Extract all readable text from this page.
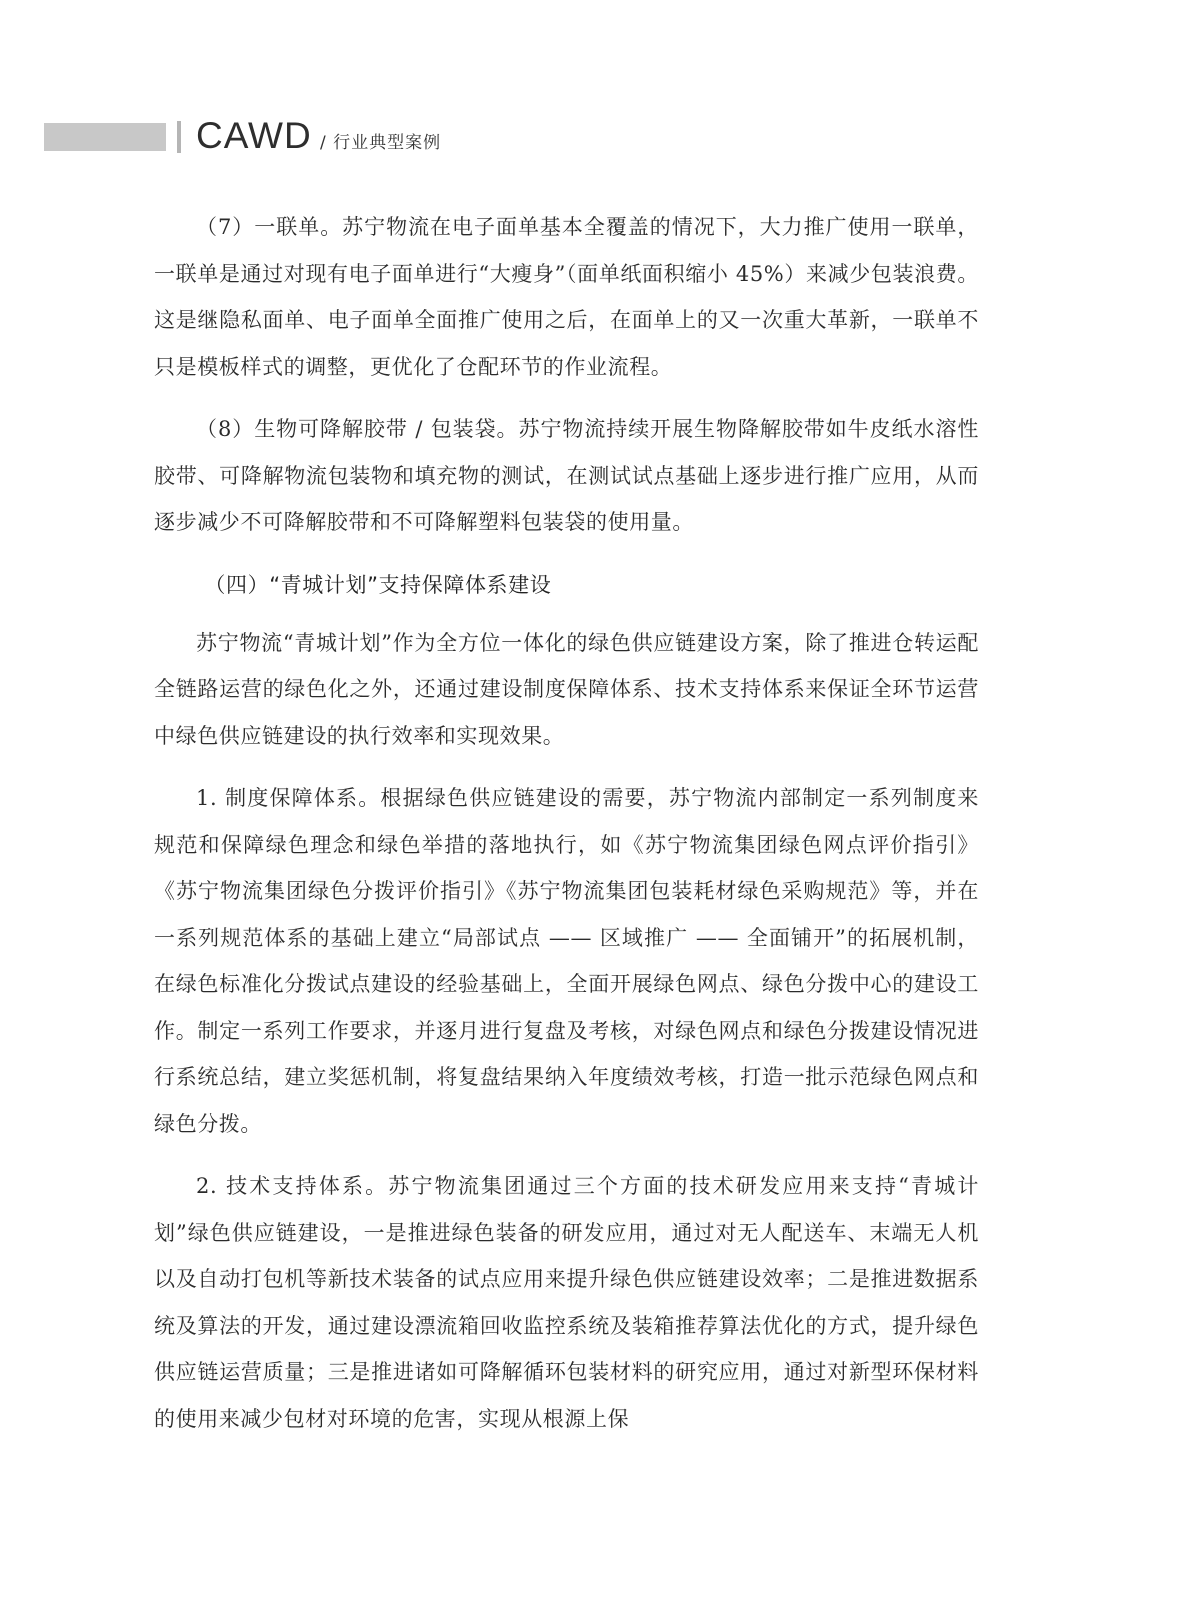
CAWD / 行业典型案例

（7）一联单。苏宁物流在电子面单基本全覆盖的情况下，大力推广使用一联单，一联单是通过对现有电子面单进行“大瘦身”（面单纸面积缩小 45%）来减少包装浪费。这是继隐私面单、电子面单全面推广使用之后，在面单上的又一次重大革新，一联单不只是模板样式的调整，更优化了仓配环节的作业流程。

（8）生物可降解胶带 / 包装袋。苏宁物流持续开展生物降解胶带如牛皮纸水溶性胶带、可降解物流包装物和填充物的测试，在测试试点基础上逐步进行推广应用，从而逐步减少不可降解胶带和不可降解塑料包装袋的使用量。

（四）“青城计划”支持保障体系建设

苏宁物流“青城计划”作为全方位一体化的绿色供应链建设方案，除了推进仓转运配全链路运营的绿色化之外，还通过建设制度保障体系、技术支持体系来保证全环节运营中绿色供应链建设的执行效率和实现效果。

1. 制度保障体系。根据绿色供应链建设的需要，苏宁物流内部制定一系列制度来规范和保障绿色理念和绿色举措的落地执行，如《苏宁物流集团绿色网点评价指引》《苏宁物流集团绿色分拨评价指引》《苏宁物流集团包装耗材绿色采购规范》等，并在一系列规范体系的基础上建立“局部试点 —— 区域推广 —— 全面铺开”的拓展机制，在绿色标准化分拨试点建设的经验基础上，全面开展绿色网点、绿色分拨中心的建设工作。制定一系列工作要求，并逐月进行复盘及考核，对绿色网点和绿色分拨建设情况进行系统总结，建立奖惩机制，将复盘结果纳入年度绩效考核，打造一批示范绿色网点和绿色分拨。

2. 技术支持体系。苏宁物流集团通过三个方面的技术研发应用来支持“青城计划”绿色供应链建设，一是推进绿色装备的研发应用，通过对无人配送车、末端无人机以及自动打包机等新技术装备的试点应用来提升绿色供应链建设效率；二是推进数据系统及算法的开发，通过建设漂流箱回收监控系统及装箱推荐算法优化的方式，提升绿色供应链运营质量；三是推进诸如可降解循环包装材料的研究应用，通过对新型环保材料的使用来减少包材对环境的危害，实现从根源上保
